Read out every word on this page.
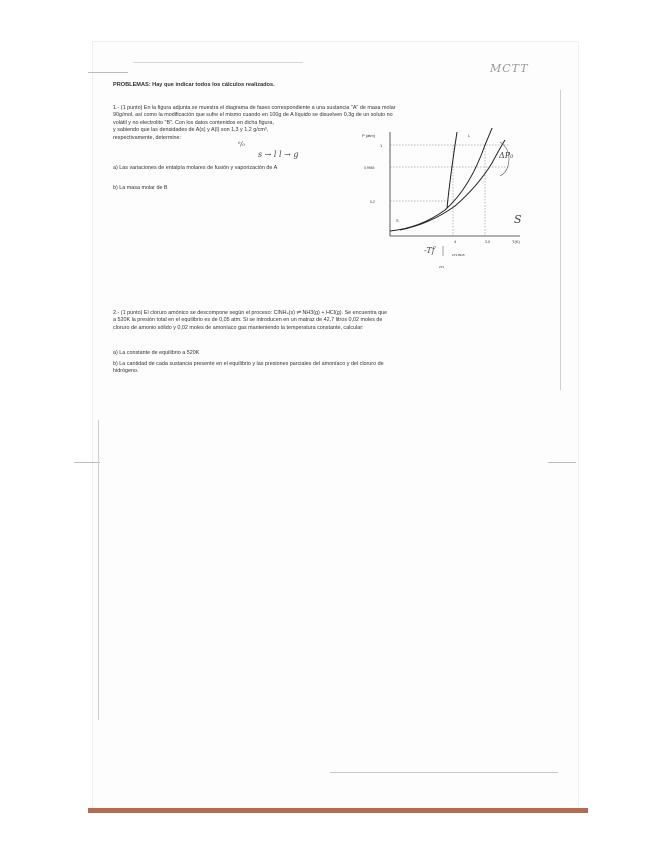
PROBLEMAS: Hay que indicar todos los cálculos realizados.
MCTT
1.- (1 punto) En la figura adjunta se muestra el diagrama de fases correspondiente a una sustancia "A" de masa molar
90g/mol, así como la modificación que sufre el mismo cuando en 100g de A líquido se disuelven 0,3g de un soluto no
volátil y no electrolito "B". Con los datos contenidos en dicha figura,
y sabiendo que las densidades de A(s) y A(l) son 1,3 y 1,2 g/cm³,
respectivamente, determine:
⁰/₀
a) Las variaciones de entalpía molares de fusión y vaporización de A
b) La masa molar de B
s → l l → g	ΔP₀
S
-Tf
P (atm)
1
0,9945
0,2
S
L
4	3.0	T(K)
273,9945
273
2.- (1 punto) El cloruro amónico se descompone según el proceso: ClNH₄(s) ⇌ NH3(g) + HCl(g). Se encuentra que
a 520K la presión total en el equilibrio es de 0,05 atm. Si se introducen en un matraz de 42,7 litros 0,02 moles de
cloruro de amonio sólido y 0,02 moles de amoníaco gas manteniendo la temperatura constante, calcular:
a) La constante de equilibrio a 520K
b) La cantidad de cada sustancia presente en el equilibrio y las presiones parciales del amoníaco y del cloruro de
hidrógeno.
